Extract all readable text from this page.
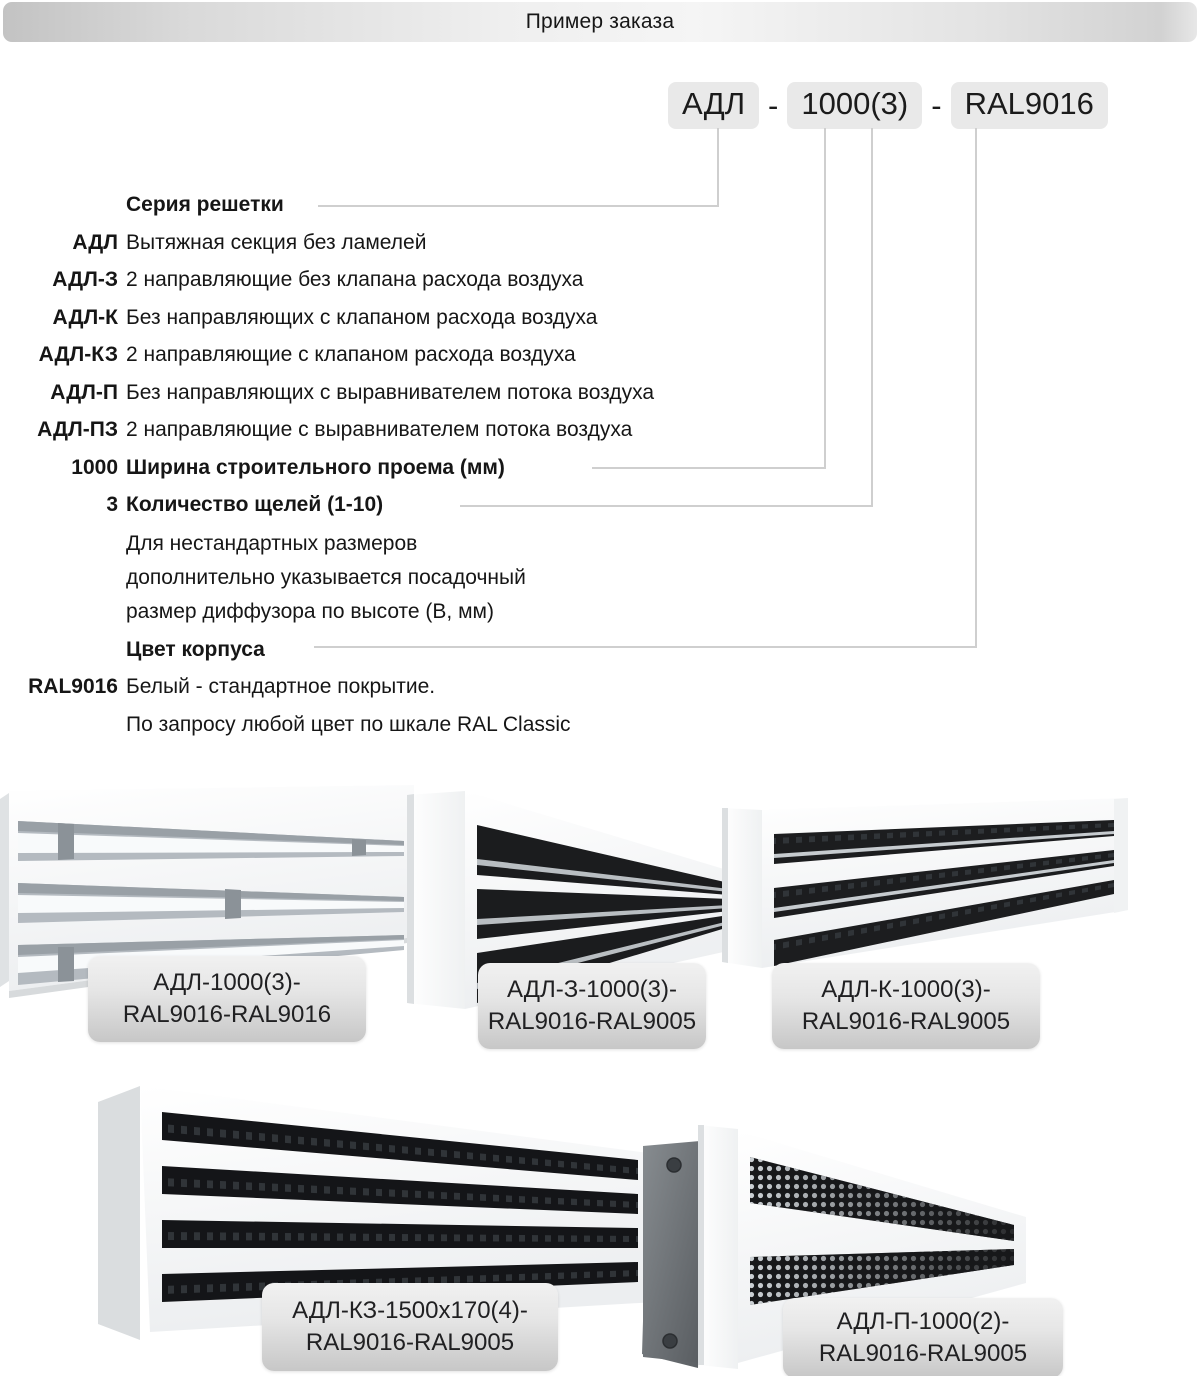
Пример заказа
АДЛ - 1000(3) - RAL9016
Серия решетки
АДЛ Вытяжная секция без ламелей
АДЛ-З 2 направляющие без клапана расхода воздуха
АДЛ-К Без направляющих с клапаном расхода воздуха
АДЛ-КЗ 2 направляющие с клапаном расхода воздуха
АДЛ-П Без направляющих с выравнивателем потока воздуха
АДЛ-ПЗ 2 направляющие с выравнивателем потока воздуха
1000 Ширина строительного проема (мм)
3 Количество щелей (1-10)
Для нестандартных размеров
дополнительно указывается посадочный
размер диффузора по высоте (В, мм)
Цвет корпуса
RAL9016 Белый - стандартное покрытие.
По запросу любой цвет по шкале RAL Classic
АДЛ-1000(3)-
RAL9016-RAL9016
АДЛ-З-1000(3)-
RAL9016-RAL9005
АДЛ-К-1000(3)-
RAL9016-RAL9005
АДЛ-КЗ-1500х170(4)-
RAL9016-RAL9005
АДЛ-П-1000(2)-
RAL9016-RAL9005
